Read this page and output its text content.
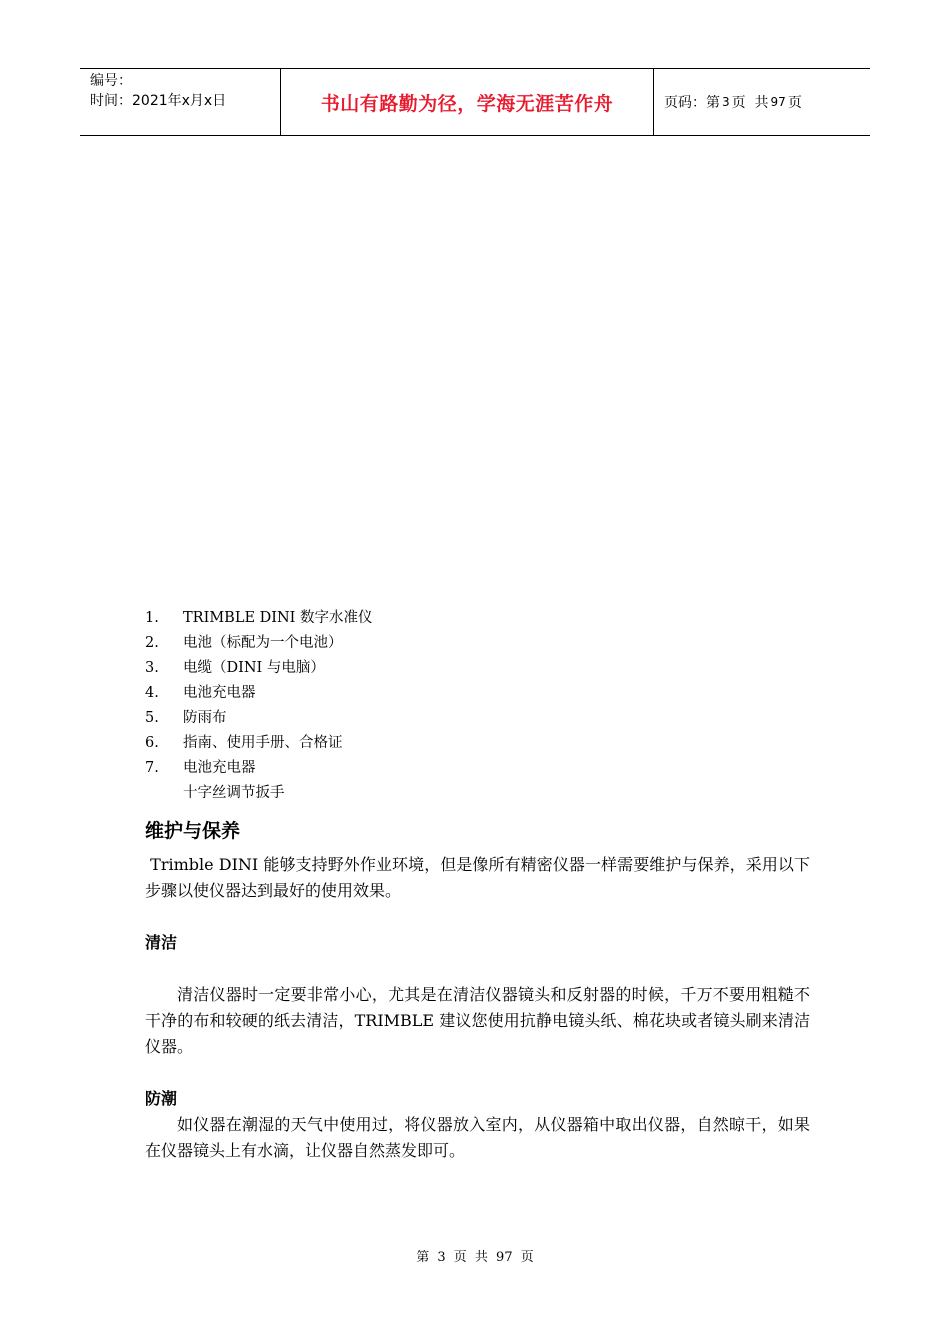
编号：
时间：2021年x月x日	书山有路勤为径，学海无涯苦作舟	页码：第 3 页  共 97 页
1.	TRIMBLE DINI 数字水准仪
2.	电池（标配为一个电池）
3.	电缆（DINI 与电脑）
4.	电池充电器
5.	防雨布
6.	指南、使用手册、合格证
7.	电池充电器
十字丝调节扳手
维护与保养

Trimble DINI 能够支持野外作业环境，但是像所有精密仪器一样需要维护与保养，采用以下步骤以使仪器达到最好的使用效果。

清洁

清洁仪器时一定要非常小心，尤其是在清洁仪器镜头和反射器的时候，千万不要用粗糙不干净的布和较硬的纸去清洁，TRIMBLE 建议您使用抗静电镜头纸、棉花块或者镜头刷来清洁仪器。

防潮

如仪器在潮湿的天气中使用过，将仪器放入室内，从仪器箱中取出仪器，自然晾干，如果在仪器镜头上有水滴，让仪器自然蒸发即可。

第 3 页 共 97 页
